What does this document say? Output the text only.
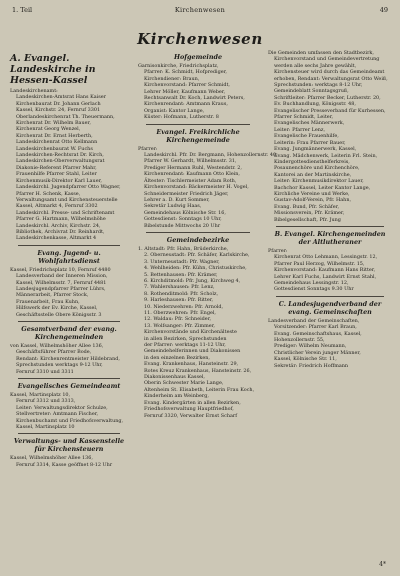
1. Teil	Kirchenwesen	49
Kirchenwesen
A. Evangel. Landeskirche in Hessen-Kassel
Landeskirchenamt:
Landeskirchen-Amtsrat Hans Kaiser
Kirchenbaurat Dr. Johann Gerlach
Kassel, Kirchstr. 24, Fernruf 3301
Oberlandeskirchenrat Th. Theuermann,
Kirchenrat Dr. Wilhelm Bauer,
Kirchenrat Georg Wenzel,
Kirchenrat Dr. Ernst Herberth,
Landeskirchenrat Otto Kellmann
Landeskirchenbaurat W. Fuchs
Landeskirchen-Rechtsrat Dr. Kirch,
Landeskirchen-Oberverwaltungsrat
Diakonie-Referent Pfarrer Mahr,
Frauenhilfe Pfarrer Stahl, Leiter
Kirchenmusik-Direktor Karl Lauer,
Landeskirchl. Jugendpfarrer Otto Wagner,
Pfarrer H. Schenk, Kasse,
Verwaltungsamt und Kirchensteuerstelle
Kassel, Altmarkt 4, Fernruf 3302
Landeskirchl. Presse- und Schriftenamt
Pfarrer G. Hartmann, Wilhelmshöhe
Landeskirchl. Archiv, Kirchstr. 24,
Bibliothek, Archivrat Dr. Reinhardt,
Landeskirchenkasse, Altmarkt 4
Evang. Jugend- u. Wohlfahrtsdienst
Kassel, Friedrichsplatz 10, Fernruf 4480
Landesverband der Inneren Mission,
Kassel, Wilhelmsstr. 7, Fernruf 4481
Landesjugendpfarrer Pfarrer Lührs,
Männerarbeit, Pfarrer Stock,
Frauenarbeit, Frau Kuhn,
Hilfswerk der Ev. Kirche, Kassel,
Geschäftsstelle Obere Königsstr. 3
Gesamtverband der evang. Kirchengemeinden
von Kassel, Wilhelmshöher Allee 136,
Geschäftsführer Pfarrer Bode,
Rendant: Kirchenrentmeister Hildebrand,
Sprechstunden werktags 9-12 Uhr,
Fernruf 3310 und 3311
Evangelisches Gemeindeamt
Kassel, Martinsplatz 10,
Fernruf 3312 und 3313,
Leiter: Verwaltungsdirektor Schulze,
Stellvertreter: Amtmann Fischer,
Kirchenbuchamt und Friedhofsverwaltung,
Kassel, Martinsplatz 10
Verwaltungs- und Kassenstelle für Kirchensteuern
Kassel, Wilhelmshöher Allee 136,
Fernruf 3314, Kasse geöffnet 8-12 Uhr
Hofgemeinde
Garnisonkirche, Friedrichsplatz,
Pfarrer: K. Schmidt, Hofprediger,
Kirchendiener: Braun,
Kirchenvorstand: Pfarrer Schmidt,
Lehrer Möller, Kaufmann Weber,
Rechtsanwalt Dr. Koch, Landwirt Peters,
Kirchenrendant: Amtmann Kraus,
Organist: Kantor Lange,
Küster: Hofmann, Lutherstr. 8
Evangel. Freikirchliche Kirchengemeinde
Pfarrer:
Landeskirchl. Pfr. Dr. Bergmann, Hohenzollernstr. 40,
Pfarrer W. Gerhardt, Wilhelmsstr. 31,
Prediger Hermann Ruhl, Westendstr. 2,
Kirchenrendant: Kaufmann Otto Klein,
Ältester: Tischlermeister Adam Roth,
Kirchenvorstand: Bäckermeister H. Vogel,
Schneidermeister Friedrich Jäger,
Lehrer a. D. Kurt Sommer,
Sekretär Ludwig Haas,
Gemeindehaus Kölnische Str. 16,
Gottesdienst: Sonntags 10 Uhr,
Bibelstunde Mittwochs 20 Uhr
Gemeindebezirke
1. Altstadt: Pfr. Hahn, Brüderkirche,
2. Oberneustadt: Pfr. Schäfer, Karlskirche,
3. Unterneustadt: Pfr. Wagner,
4. Wehlheiden: Pfr. Kühn, Christuskirche,
5. Bettenhausen: Pfr. Krämer,
6. Kirchditmold: Pfr. Jung, Kirchweg 4,
7. Wahlershausen: Pfr. Lenz,
8. Rothenditmold: Pfr. Scholz,
9. Harleshausen: Pfr. Ritter,
10. Niederzwehren: Pfr. Arnold,
11. Oberzwehren: Pfr. Engel,
12. Waldau: Pfr. Schneider,
13. Wolfsanger: Pfr. Zimmer,
Kirchenvorstände und Kirchenälteste
in allen Bezirken, Sprechstunden
der Pfarrer: werktags 11-12 Uhr,
Gemeindehelferinnen und Diakonissen
in den einzelnen Bezirken,
Evang. Krankenhaus, Hansteinstr. 29,
Rotes Kreuz Krankenhaus, Hansteinstr. 26,
Diakonissenhaus Kassel,
Oberin Schwester Marie Lange,
Altenheim St. Elisabeth, Leiterin Frau Koch,
Kinderheim am Weinberg,
Evang. Kindergärten in allen Bezirken,
Friedhofsverwaltung Hauptfriedhof,
Fernruf 3320, Verwalter Ernst Scharf
Die Gemeinden umfassen den Stadtbezirk,
Kirchenvorstand und Gemeindevertretung
werden alle sechs Jahre gewählt,
Kirchensteuer wird durch das Gemeindeamt
erhoben, Rendant: Verwaltungsrat Otto Weiß,
Sprechstunden: werktags 8-12 Uhr,
Gemeindeblatt Sonntagsgruß,
Schriftleiter: Pfarrer Becker, Lutherstr. 20,
Ev. Buchhandlung, Königsstr. 48,
Evangelischer Presseverband für Kurhessen,
Pfarrer Schmidt, Leiter,
Evangelisches Männerwerk,
Leiter: Pfarrer Lenz,
Evangelische Frauenhilfe,
Leiterin: Frau Pfarrer Bauer,
Evang. Jungmännerwerk, Kassel,
Evang. Mädchenwerk, Leiterin Frl. Stein,
Kindergottesdiensthelferkreis,
Posaunenchöre und Kirchenchöre,
Kantorei an der Martinskirche,
Leiter: Kirchenmusikdirektor Lauer,
Bachchor Kassel, Leiter Kantor Lange,
Kirchliche Vereine und Werke,
Gustav-Adolf-Verein, Pfr. Hahn,
Evang. Bund, Pfr. Schäfer,
Missionsverein, Pfr. Krämer,
Bibelgesellschaft, Pfr. Jung
B. Evangel. Kirchengemeinden der Altlutheraner
Pfarrer:
Kirchenrat Otto Lehmann, Lessingstr. 12,
Pfarrer Paul Herzog, Wilhelmstr. 15,
Kirchenvorstand: Kaufmann Hans Ritter,
Lehrer Karl Fuchs, Landwirt Ernst Stahl,
Gemeindehaus Lessingstr. 12,
Gottesdienst Sonntags 9.30 Uhr
C. Landesjugendverband der evang. Gemeinschaften
Landesverband der Gemeinschaften,
Vorsitzender: Pfarrer Karl Braun,
Evang. Gemeinschaftshaus, Kassel,
Hohenzollernstr. 55,
Prediger: Wilhelm Neumann,
Christlicher Verein junger Männer,
Kassel, Kölnische Str. 11,
Sekretär: Friedrich Hoffmann
4*
